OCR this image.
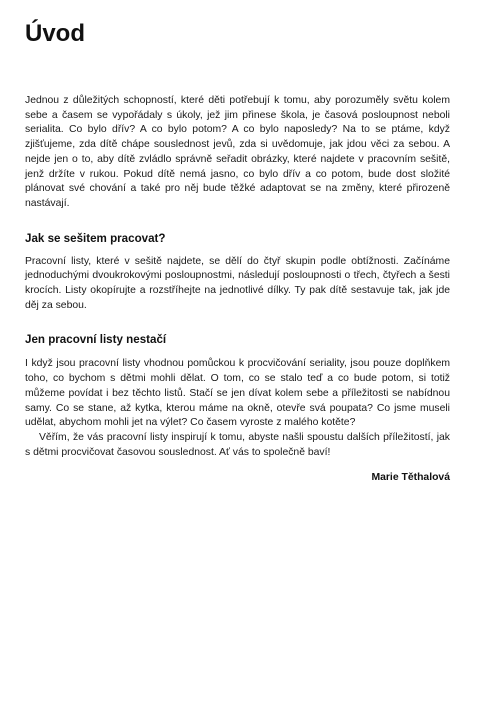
Úvod

Jednou z důležitých schopností, které děti potřebují k tomu, aby porozuměly světu kolem sebe a časem se vypořádaly s úkoly, jež jim přinese škola, je časová posloupnost neboli serialita. Co bylo dřív? A co bylo potom? A co bylo naposledy? Na to se ptáme, když zjišťujeme, zda dítě chápe souslednost jevů, zda si uvědomuje, jak jdou věci za sebou. A nejde jen o to, aby dítě zvládlo správně seřadit obrázky, které najdete v pracovním sešitě, jenž držíte v rukou. Pokud dítě nemá jasno, co bylo dřív a co potom, bude dost složité plánovat své chování a také pro něj bude těžké adaptovat se na změny, které přirozeně nastávají.

Jak se sešitem pracovat?

Pracovní listy, které v sešitě najdete, se dělí do čtyř skupin podle obtížnosti. Začínáme jednoduchými dvoukrokovými posloupnostmi, následují posloupnosti o třech, čtyřech a šesti krocích. Listy okopírujte a rozstříhejte na jednotlivé dílky. Ty pak dítě sestavuje tak, jak jde děj za sebou.

Jen pracovní listy nestačí

I když jsou pracovní listy vhodnou pomůckou k procvičování seriality, jsou pouze doplňkem toho, co bychom s dětmi mohli dělat. O tom, co se stalo teď a co bude potom, si totiž můžeme povídat i bez těchto listů. Stačí se jen dívat kolem sebe a příležitosti se nabídnou samy. Co se stane, až kytka, kterou máme na okně, otevře svá poupata? Co jsme museli udělat, abychom mohli jet na výlet? Co časem vyroste z malého kotěte?

Věřím, že vás pracovní listy inspirují k tomu, abyste našli spoustu dalších příležitostí, jak s dětmi procvičovat časovou souslednost. Ať vás to společně baví!

Marie Těthalová
